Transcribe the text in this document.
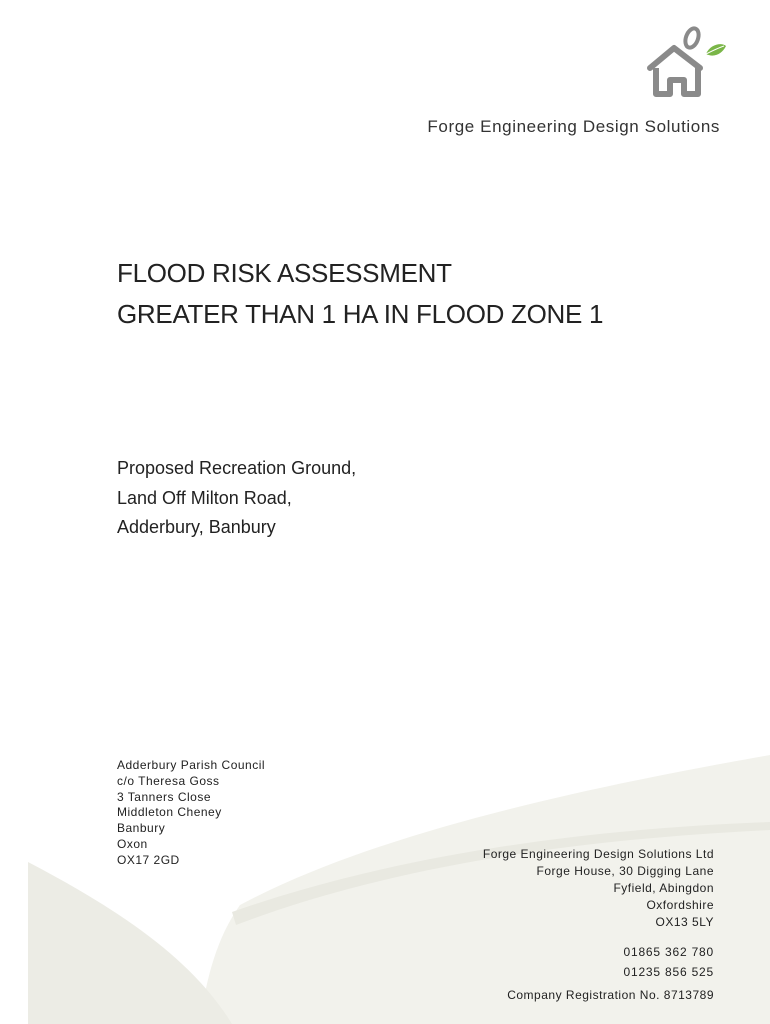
Forge Engineering Design Solutions
FLOOD RISK ASSESSMENT
GREATER THAN 1 HA IN FLOOD ZONE 1
Proposed Recreation Ground,
Land Off Milton Road,
Adderbury, Banbury
Adderbury Parish Council
c/o Theresa Goss
3 Tanners Close
Middleton Cheney
Banbury
Oxon
OX17 2GD	Forge Engineering Design Solutions Ltd
Forge House, 30 Digging Lane
Fyfield, Abingdon
Oxfordshire
OX13 5LY
01865 362 780
01235 856 525
Company Registration No. 8713789
